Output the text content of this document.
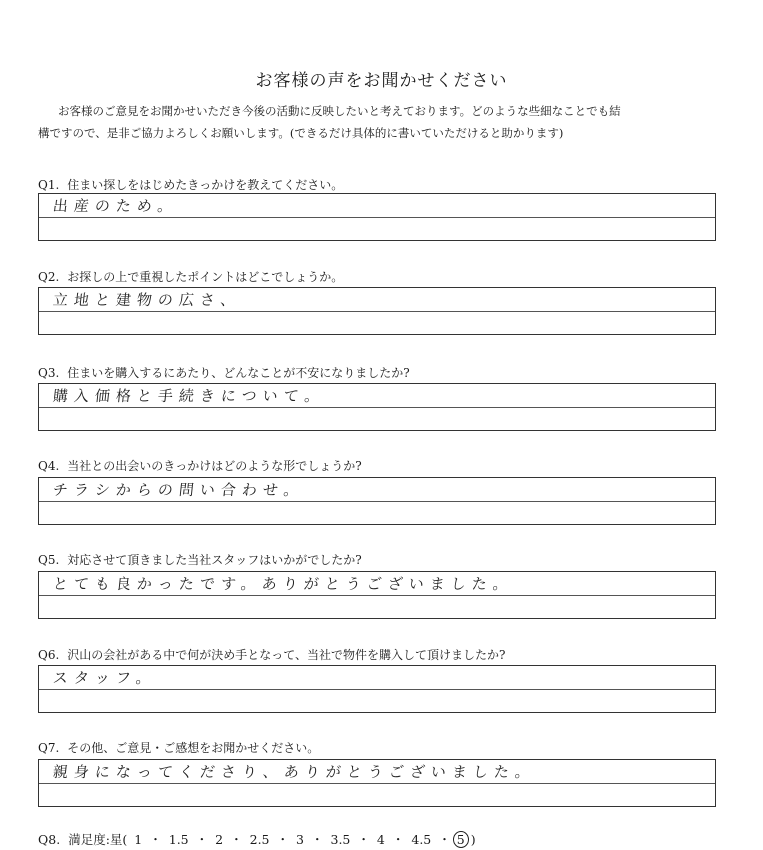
お客様の声をお聞かせください
お客様のご意見をお聞かせいただき今後の活動に反映したいと考えております。どのような些細なことでも結
構ですので、是非ご協力よろしくお願いします。(できるだけ具体的に書いていただけると助かります)
Q1. 住まい探しをはじめたきっかけを教えてください。
出産のため。
Q2. お探しの上で重視したポイントはどこでしょうか。
立地と建物の広さ、
Q3. 住まいを購入するにあたり、どんなことが不安になりましたか?
購入価格と手続きについて。
Q4. 当社との出会いのきっかけはどのような形でしょうか?
チラシからの問い合わせ。
Q5. 対応させて頂きました当社スタッフはいかがでしたか?
とても良かったです。ありがとうございました。
Q6. 沢山の会社がある中で何が決め手となって、当社で物件を購入して頂けましたか?
スタッフ。
Q7. その他、ご意見・ご感想をお聞かせください。
親身になってくださり、ありがとうございました。
Q8. 満足度:星( 1 ・ 1.5 ・ 2 ・ 2.5 ・ 3 ・ 3.5 ・ 4 ・ 4.5 ・ 5 )
